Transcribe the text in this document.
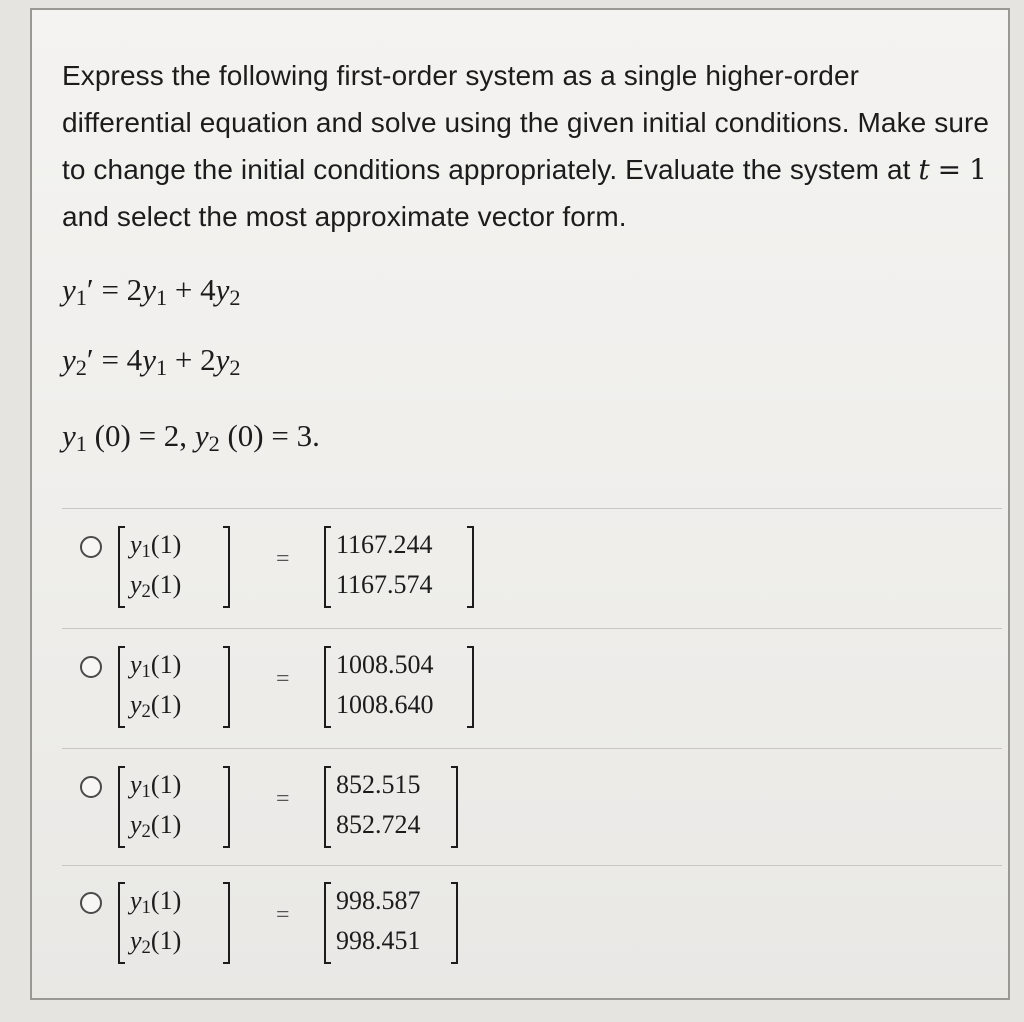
Express the following first-order system as a single higher-order differential equation and solve using the given initial conditions. Make sure to change the initial conditions appropriately. Evaluate the system at t = 1 and select the most approximate vector form.
$y_1' = 2y_1 + 4y_2$
$y_2' = 4y_1 + 2y_2$
$y_1$ (0) = 2, $y_2$ (0) = 3.
$y_1(1)$
$y_2(1)$
= 1167.244
1167.574
$y_1(1)$
$y_2(1)$
= 1008.504
1008.640
$y_1(1)$
$y_2(1)$
= 852.515
852.724
$y_1(1)$
$y_2(1)$
= 998.587
998.451
